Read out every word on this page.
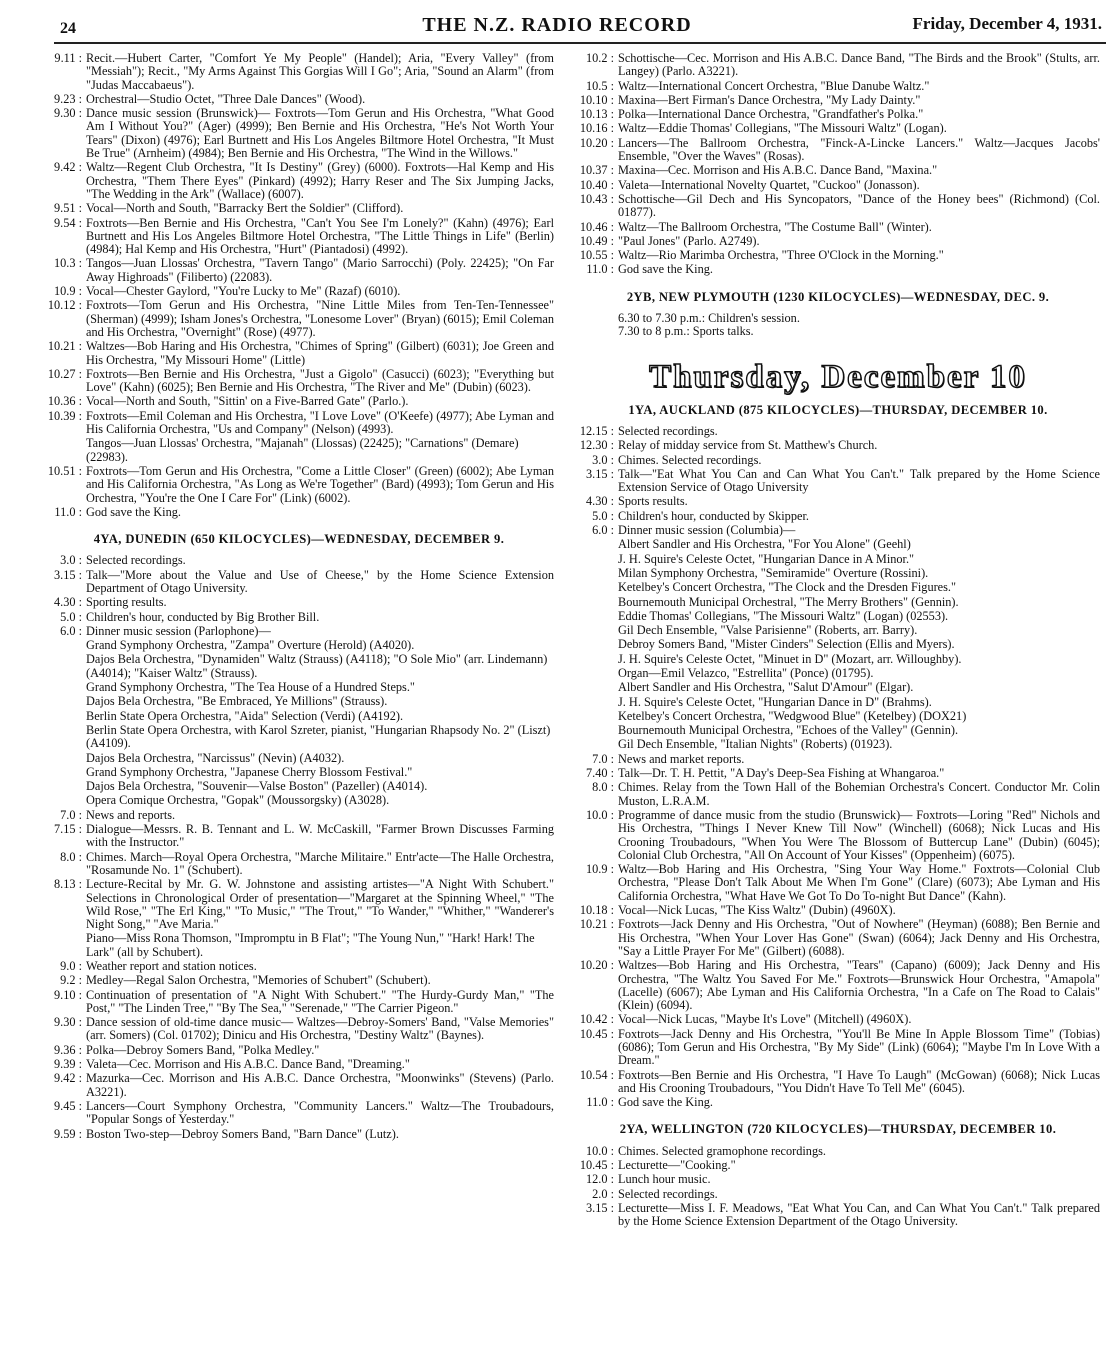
24	THE N.Z. RADIO RECORD	Friday, December 4, 1931.
9.11 : Recit.—Hubert Carter, "Comfort Ye My People" (Handel); Aria, "Every Valley" (from "Messiah"); Recit., "My Arms Against This Gorgias Will I Go"; Aria, "Sound an Alarm" (from "Judas Maccabaeus").
9.23 : Orchestral—Studio Octet, "Three Dale Dances" (Wood).
9.30 : Dance music session (Brunswick)— Foxtrots—Tom Gerun and His Orchestra, "What Good Am I Without You?" (Ager) (4999); Ben Bernie and His Orchestra, "He's Not Worth Your Tears" (Dixon) (4976); Earl Burtnett and His Los Angeles Biltmore Hotel Orchestra, "It Must Be True" (Arnheim) (4984); Ben Bernie and His Orchestra, "The Wind in the Willows."
9.42 : Waltz—Regent Club Orchestra, "It Is Destiny" (Grey) (6000). Foxtrots—Hal Kemp and His Orchestra, "Them There Eyes" (Pinkard) (4992); Harry Reser and The Six Jumping Jacks, "The Wedding in the Ark" (Wallace) (6007).
9.51 : Vocal—North and South, "Barracky Bert the Soldier" (Clifford).
9.54 : Foxtrots—Ben Bernie and His Orchestra, "Can't You See I'm Lonely?" (Kahn) (4976); Earl Burtnett and His Los Angeles Biltmore Hotel Orchestra, "The Little Things in Life" (Berlin) (4984); Hal Kemp and His Orchestra, "Hurt" (Piantadosi) (4992).
10.3 : Tangos—Juan Llossas' Orchestra, "Tavern Tango" (Mario Sarrocchi) (Poly. 22425); "On Far Away Highroads" (Filiberto) (22083).
10.9 : Vocal—Chester Gaylord, "You're Lucky to Me" (Razaf) (6010).
10.12 : Foxtrots—Tom Gerun and His Orchestra, "Nine Little Miles from Ten-Ten-Tennessee" (Sherman) (4999); Isham Jones's Orchestra, "Lonesome Lover" (Bryan) (6015); Emil Coleman and His Orchestra, "Overnight" (Rose) (4977).
10.21 : Waltzes—Bob Haring and His Orchestra, "Chimes of Spring" (Gilbert) (6031); Joe Green and His Orchestra, "My Missouri Home" (Little)
10.27 : Foxtrots—Ben Bernie and His Orchestra, "Just a Gigolo" (Casucci) (6023); "Everything but Love" (Kahn) (6025); Ben Bernie and His Orchestra, "The River and Me" (Dubin) (6023).
10.36 : Vocal—North and South, "Sittin' on a Five-Barred Gate" (Parlo.).
10.39 : Foxtrots—Emil Coleman and His Orchestra, "I Love Love" (O'Keefe) (4977); Abe Lyman and His California Orchestra, "Us and Company" (Nelson) (4993).

Tangos—Juan Llossas' Orchestra, "Majanah" (Llossas) (22425); "Carnations" (Demare) (22983).

10.51 : Foxtrots—Tom Gerun and His Orchestra, "Come a Little Closer" (Green) (6002); Abe Lyman and His California Orchestra, "As Long as We're Together" (Bard) (4993); Tom Gerun and His Orchestra, "You're the One I Care For" (Link) (6002).
11.0 : God save the King.
4YA, DUNEDIN (650 KILOCYCLES)—WEDNESDAY, DECEMBER 9.
3.0 : Selected recordings.
3.15 : Talk—"More about the Value and Use of Cheese," by the Home Science Extension Department of Otago University.
4.30 : Sporting results.
5.0 : Children's hour, conducted by Big Brother Bill.
6.0 : Dinner music session (Parlophone)—

Grand Symphony Orchestra, "Zampa" Overture (Herold) (A4020).

Dajos Bela Orchestra, "Dynamiden" Waltz (Strauss) (A4118); "O Sole Mio" (arr. Lindemann) (A4014); "Kaiser Waltz" (Strauss).

Grand Symphony Orchestra, "The Tea House of a Hundred Steps."

Dajos Bela Orchestra, "Be Embraced, Ye Millions" (Strauss).

Berlin State Opera Orchestra, "Aida" Selection (Verdi) (A4192).

Berlin State Opera Orchestra, with Karol Szreter, pianist, "Hungarian Rhapsody No. 2" (Liszt) (A4109).

Dajos Bela Orchestra, "Narcissus" (Nevin) (A4032).

Grand Symphony Orchestra, "Japanese Cherry Blossom Festival."

Dajos Bela Orchestra, "Souvenir—Valse Boston" (Pazeller) (A4014).

Opera Comique Orchestra, "Gopak" (Moussorgsky) (A3028).

7.0 : News and reports.
7.15 : Dialogue—Messrs. R. B. Tennant and L. W. McCaskill, "Farmer Brown Discusses Farming with the Instructor."
8.0 : Chimes. March—Royal Opera Orchestra, "Marche Militaire." Entr'acte—The Halle Orchestra, "Rosamunde No. 1" (Schubert).
8.13 : Lecture-Recital by Mr. G. W. Johnstone and assisting artistes—"A Night With Schubert." Selections in Chronological Order of presentation—"Margaret at the Spinning Wheel," "The Wild Rose," "The Erl King," "To Music," "The Trout," "To Wander," "Whither," "Wanderer's Night Song," "Ave Maria."

Piano—Miss Rona Thomson, "Impromptu in B Flat"; "The Young Nun," "Hark! Hark! The Lark" (all by Schubert).

9.0 : Weather report and station notices.
9.2 : Medley—Regal Salon Orchestra, "Memories of Schubert" (Schubert).
9.10 : Continuation of presentation of "A Night With Schubert." "The Hurdy-Gurdy Man," "The Post," "The Linden Tree," "By The Sea," "Serenade," "The Carrier Pigeon."
9.30 : Dance session of old-time dance music— Waltzes—Debroy-Somers' Band, "Valse Memories" (arr. Somers) (Col. 01702); Dinicu and His Orchestra, "Destiny Waltz" (Baynes).
9.36 : Polka—Debroy Somers Band, "Polka Medley."
9.39 : Valeta—Cec. Morrison and His A.B.C. Dance Band, "Dreaming."
9.42 : Mazurka—Cec. Morrison and His A.B.C. Dance Orchestra, "Moonwinks" (Stevens) (Parlo. A3221).
9.45 : Lancers—Court Symphony Orchestra, "Community Lancers." Waltz—The Troubadours, "Popular Songs of Yesterday."
9.59 : Boston Two-step—Debroy Somers Band, "Barn Dance" (Lutz).
10.2 : Schottische—Cec. Morrison and His A.B.C. Dance Band, "The Birds and the Brook" (Stults, arr. Langey) (Parlo. A3221).
10.5 : Waltz—International Concert Orchestra, "Blue Danube Waltz."
10.10 : Maxina—Bert Firman's Dance Orchestra, "My Lady Dainty."
10.13 : Polka—International Dance Orchestra, "Grandfather's Polka."
10.16 : Waltz—Eddie Thomas' Collegians, "The Missouri Waltz" (Logan).
10.20 : Lancers—The Ballroom Orchestra, "Finck-A-Lincke Lancers." Waltz—Jacques Jacobs' Ensemble, "Over the Waves" (Rosas).
10.37 : Maxina—Cec. Morrison and His A.B.C. Dance Band, "Maxina."
10.40 : Valeta—International Novelty Quartet, "Cuckoo" (Jonasson).
10.43 : Schottische—Gil Dech and His Syncopators, "Dance of the Honey bees" (Richmond) (Col. 01877).
10.46 : Waltz—The Ballroom Orchestra, "The Costume Ball" (Winter).
10.49 : "Paul Jones" (Parlo. A2749).
10.55 : Waltz—Rio Marimba Orchestra, "Three O'Clock in the Morning."
11.0 : God save the King.
2YB, NEW PLYMOUTH (1230 KILOCYCLES)—WEDNESDAY, DEC. 9.

6.30 to 7.30 p.m.: Children's session.

7.30 to 8 p.m.: Sports talks.

Thursday, December 10
1YA, AUCKLAND (875 KILOCYCLES)—THURSDAY, DECEMBER 10.
12.15 : Selected recordings.
12.30 : Relay of midday service from St. Matthew's Church.
3.0 : Chimes. Selected recordings.
3.15 : Talk—"Eat What You Can and Can What You Can't." Talk prepared by the Home Science Extension Service of Otago University
4.30 : Sports results.
5.0 : Children's hour, conducted by Skipper.
6.0 : Dinner music session (Columbia)—

Albert Sandler and His Orchestra, "For You Alone" (Geehl)

J. H. Squire's Celeste Octet, "Hungarian Dance in A Minor."

Milan Symphony Orchestra, "Semiramide" Overture (Rossini).

Ketelbey's Concert Orchestra, "The Clock and the Dresden Figures."

Bournemouth Municipal Orchestral, "The Merry Brothers" (Gennin).

Eddie Thomas' Collegians, "The Missouri Waltz" (Logan) (02553).

Gil Dech Ensemble, "Valse Parisienne" (Roberts, arr. Barry).

Debroy Somers Band, "Mister Cinders" Selection (Ellis and Myers).

J. H. Squire's Celeste Octet, "Minuet in D" (Mozart, arr. Willoughby).

Organ—Emil Velazco, "Estrellita" (Ponce) (01795).

Albert Sandler and His Orchestra, "Salut D'Amour" (Elgar).

J. H. Squire's Celeste Octet, "Hungarian Dance in D" (Brahms).

Ketelbey's Concert Orchestra, "Wedgwood Blue" (Ketelbey) (DOX21)

Bournemouth Municipal Orchestra, "Echoes of the Valley" (Gennin).

Gil Dech Ensemble, "Italian Nights" (Roberts) (01923).

7.0 : News and market reports.
7.40 : Talk—Dr. T. H. Pettit, "A Day's Deep-Sea Fishing at Whangaroa."
8.0 : Chimes. Relay from the Town Hall of the Bohemian Orchestra's Concert. Conductor Mr. Colin Muston, L.R.A.M.
10.0 : Programme of dance music from the studio (Brunswick)— Foxtrots—Loring "Red" Nichols and His Orchestra, "Things I Never Knew Till Now" (Winchell) (6068); Nick Lucas and His Crooning Troubadours, "When You Were The Blossom of Buttercup Lane" (Dubin) (6045); Colonial Club Orchestra, "All On Account of Your Kisses" (Oppenheim) (6075).
10.9 : Waltz—Bob Haring and His Orchestra, "Sing Your Way Home." Foxtrots—Colonial Club Orchestra, "Please Don't Talk About Me When I'm Gone" (Clare) (6073); Abe Lyman and His California Orchestra, "What Have We Got To Do To-night But Dance" (Kahn).
10.18 : Vocal—Nick Lucas, "The Kiss Waltz" (Dubin) (4960X).
10.21 : Foxtrots—Jack Denny and His Orchestra, "Out of Nowhere" (Heyman) (6088); Ben Bernie and His Orchestra, "When Your Lover Has Gone" (Swan) (6064); Jack Denny and His Orchestra, "Say a Little Prayer For Me" (Gilbert) (6088).
10.20 : Waltzes—Bob Haring and His Orchestra, "Tears" (Capano) (6009); Jack Denny and His Orchestra, "The Waltz You Saved For Me." Foxtrots—Brunswick Hour Orchestra, "Amapola" (Lacelle) (6067); Abe Lyman and His California Orchestra, "In a Cafe on The Road to Calais" (Klein) (6094).
10.42 : Vocal—Nick Lucas, "Maybe It's Love" (Mitchell) (4960X).
10.45 : Foxtrots—Jack Denny and His Orchestra, "You'll Be Mine In Apple Blossom Time" (Tobias) (6086); Tom Gerun and His Orchestra, "By My Side" (Link) (6064); "Maybe I'm In Love With a Dream."
10.54 : Foxtrots—Ben Bernie and His Orchestra, "I Have To Laugh" (McGowan) (6068); Nick Lucas and His Crooning Troubadours, "You Didn't Have To Tell Me" (6045).
11.0 : God save the King.
2YA, WELLINGTON (720 KILOCYCLES)—THURSDAY, DECEMBER 10.
10.0 : Chimes. Selected gramophone recordings.
10.45 : Lecturette—"Cooking."
12.0 : Lunch hour music.
2.0 : Selected recordings.
3.15 : Lecturette—Miss I. F. Meadows, "Eat What You Can, and Can What You Can't." Talk prepared by the Home Science Extension Department of the Otago University.
